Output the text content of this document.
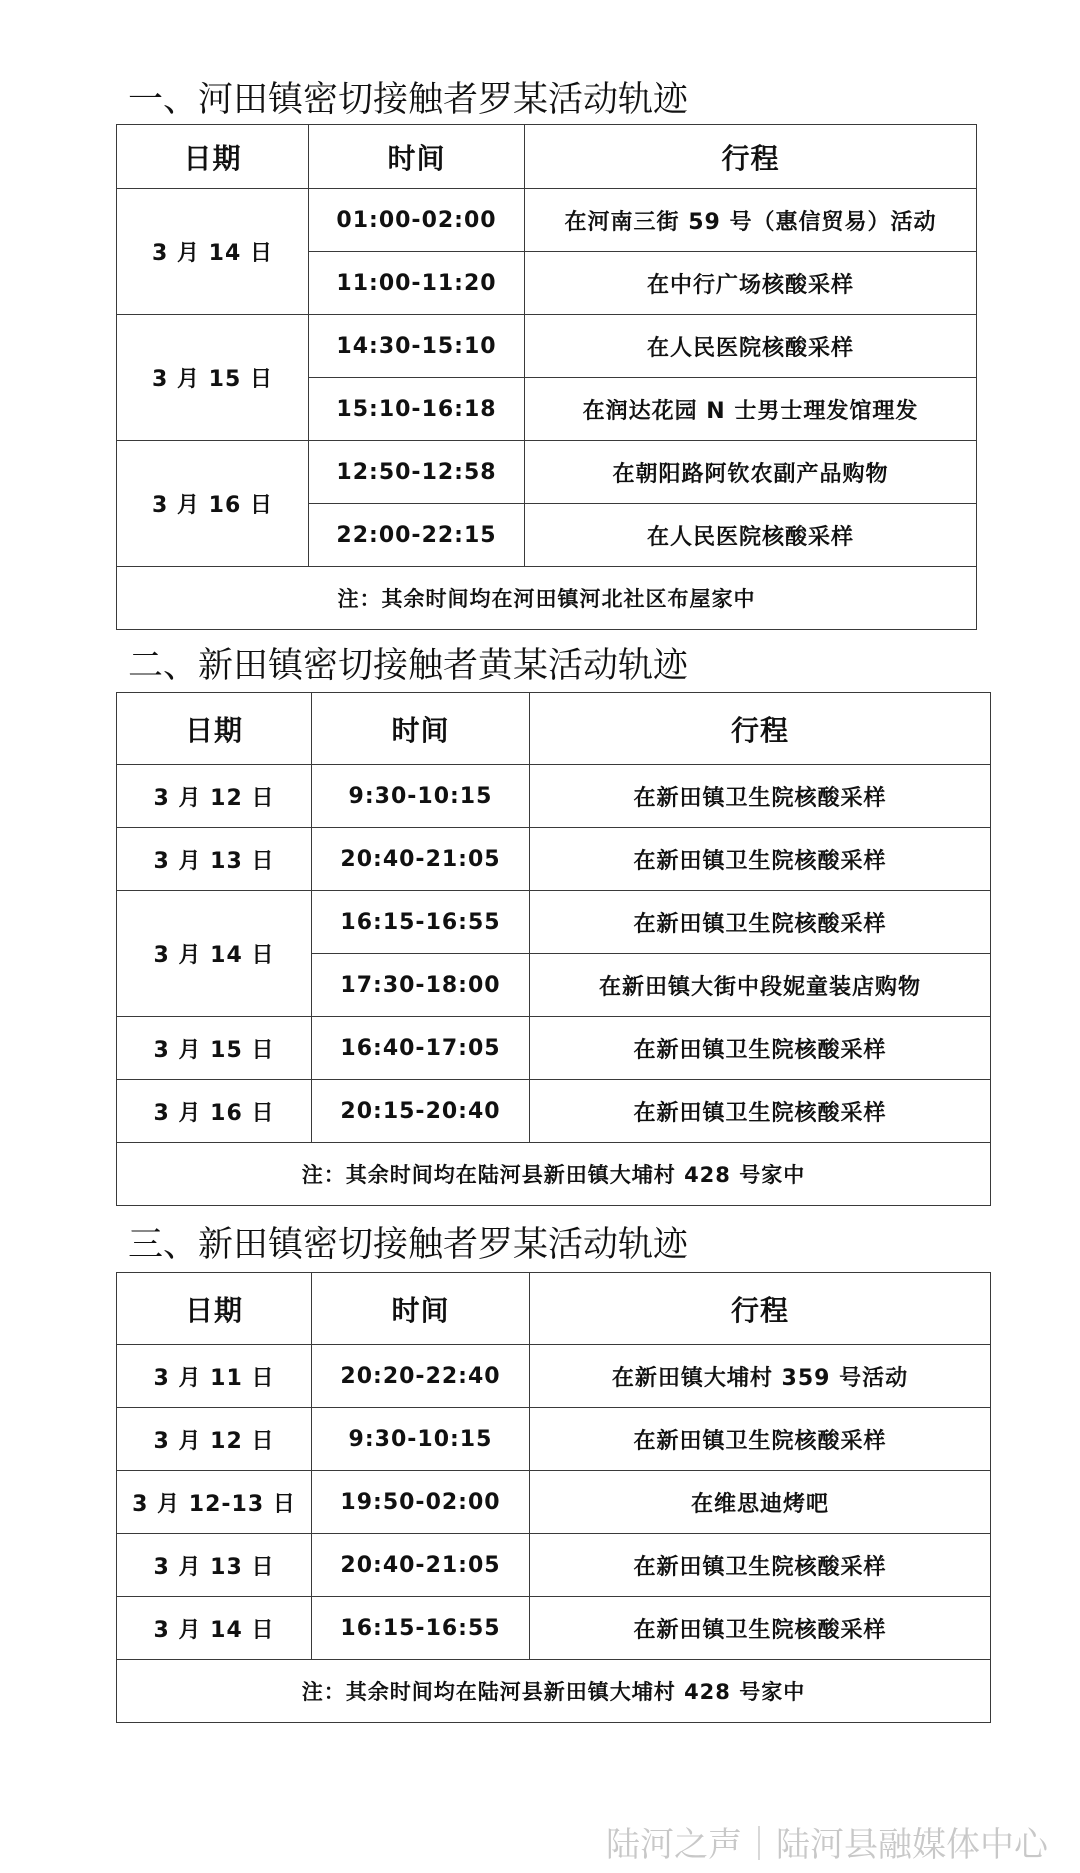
一、河田镇密切接触者罗某活动轨迹
日期	时间	行程
3 月 14 日	01:00-02:00	在河南三街 59 号（惠信贸易）活动
	11:00-11:20	在中行广场核酸采样
3 月 15 日	14:30-15:10	在人民医院核酸采样
	15:10-16:18	在润达花园 N 士男士理发馆理发
3 月 16 日	12:50-12:58	在朝阳路阿钦农副产品购物
	22:00-22:15	在人民医院核酸采样
注：其余时间均在河田镇河北社区布屋家中		
二、新田镇密切接触者黄某活动轨迹
日期	时间	行程
3 月 12 日	9:30-10:15	在新田镇卫生院核酸采样
3 月 13 日	20:40-21:05	在新田镇卫生院核酸采样
3 月 14 日	16:15-16:55	在新田镇卫生院核酸采样
	17:30-18:00	在新田镇大街中段妮童装店购物
3 月 15 日	16:40-17:05	在新田镇卫生院核酸采样
3 月 16 日	20:15-20:40	在新田镇卫生院核酸采样
注：其余时间均在陆河县新田镇大埔村 428 号家中		
三、新田镇密切接触者罗某活动轨迹
日期	时间	行程
3 月 11 日	20:20-22:40	在新田镇大埔村 359 号活动
3 月 12 日	9:30-10:15	在新田镇卫生院核酸采样
3 月 12-13 日	19:50-02:00	在维思迪烤吧
3 月 13 日	20:40-21:05	在新田镇卫生院核酸采样
3 月 14 日	16:15-16:55	在新田镇卫生院核酸采样
注：其余时间均在陆河县新田镇大埔村 428 号家中		
陆河之声｜陆河县融媒体中心
